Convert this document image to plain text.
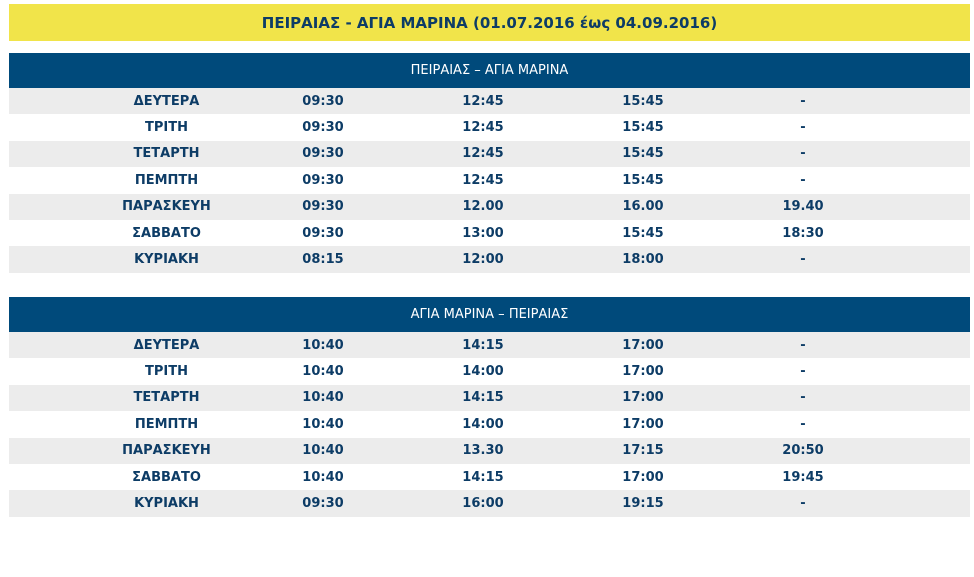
ΠΕΙΡΑΙΑΣ - ΑΓΙΑ ΜΑΡΙΝΑ (01.07.2016 έως 04.09.2016)
ΠΕΙΡΑΙΑΣ – ΑΓΙΑ ΜΑΡΙΝΑ
ΔΕΥΤΕΡΑ	09:30	12:45	15:45	-
ΤΡΙΤΗ	09:30	12:45	15:45	-
ΤΕΤΑΡΤΗ	09:30	12:45	15:45	-
ΠΕΜΠΤΗ	09:30	12:45	15:45	-
ΠΑΡΑΣΚΕΥΗ	09:30	12.00	16.00	19.40
ΣΑΒΒΑΤΟ	09:30	13:00	15:45	18:30
ΚΥΡΙΑΚΗ	08:15	12:00	18:00	-
ΑΓΙΑ ΜΑΡΙΝΑ – ΠΕΙΡΑΙΑΣ
ΔΕΥΤΕΡΑ	10:40	14:15	17:00	-
ΤΡΙΤΗ	10:40	14:00	17:00	-
ΤΕΤΑΡΤΗ	10:40	14:15	17:00	-
ΠΕΜΠΤΗ	10:40	14:00	17:00	-
ΠΑΡΑΣΚΕΥΗ	10:40	13.30	17:15	20:50
ΣΑΒΒΑΤΟ	10:40	14:15	17:00	19:45
ΚΥΡΙΑΚΗ	09:30	16:00	19:15	-
